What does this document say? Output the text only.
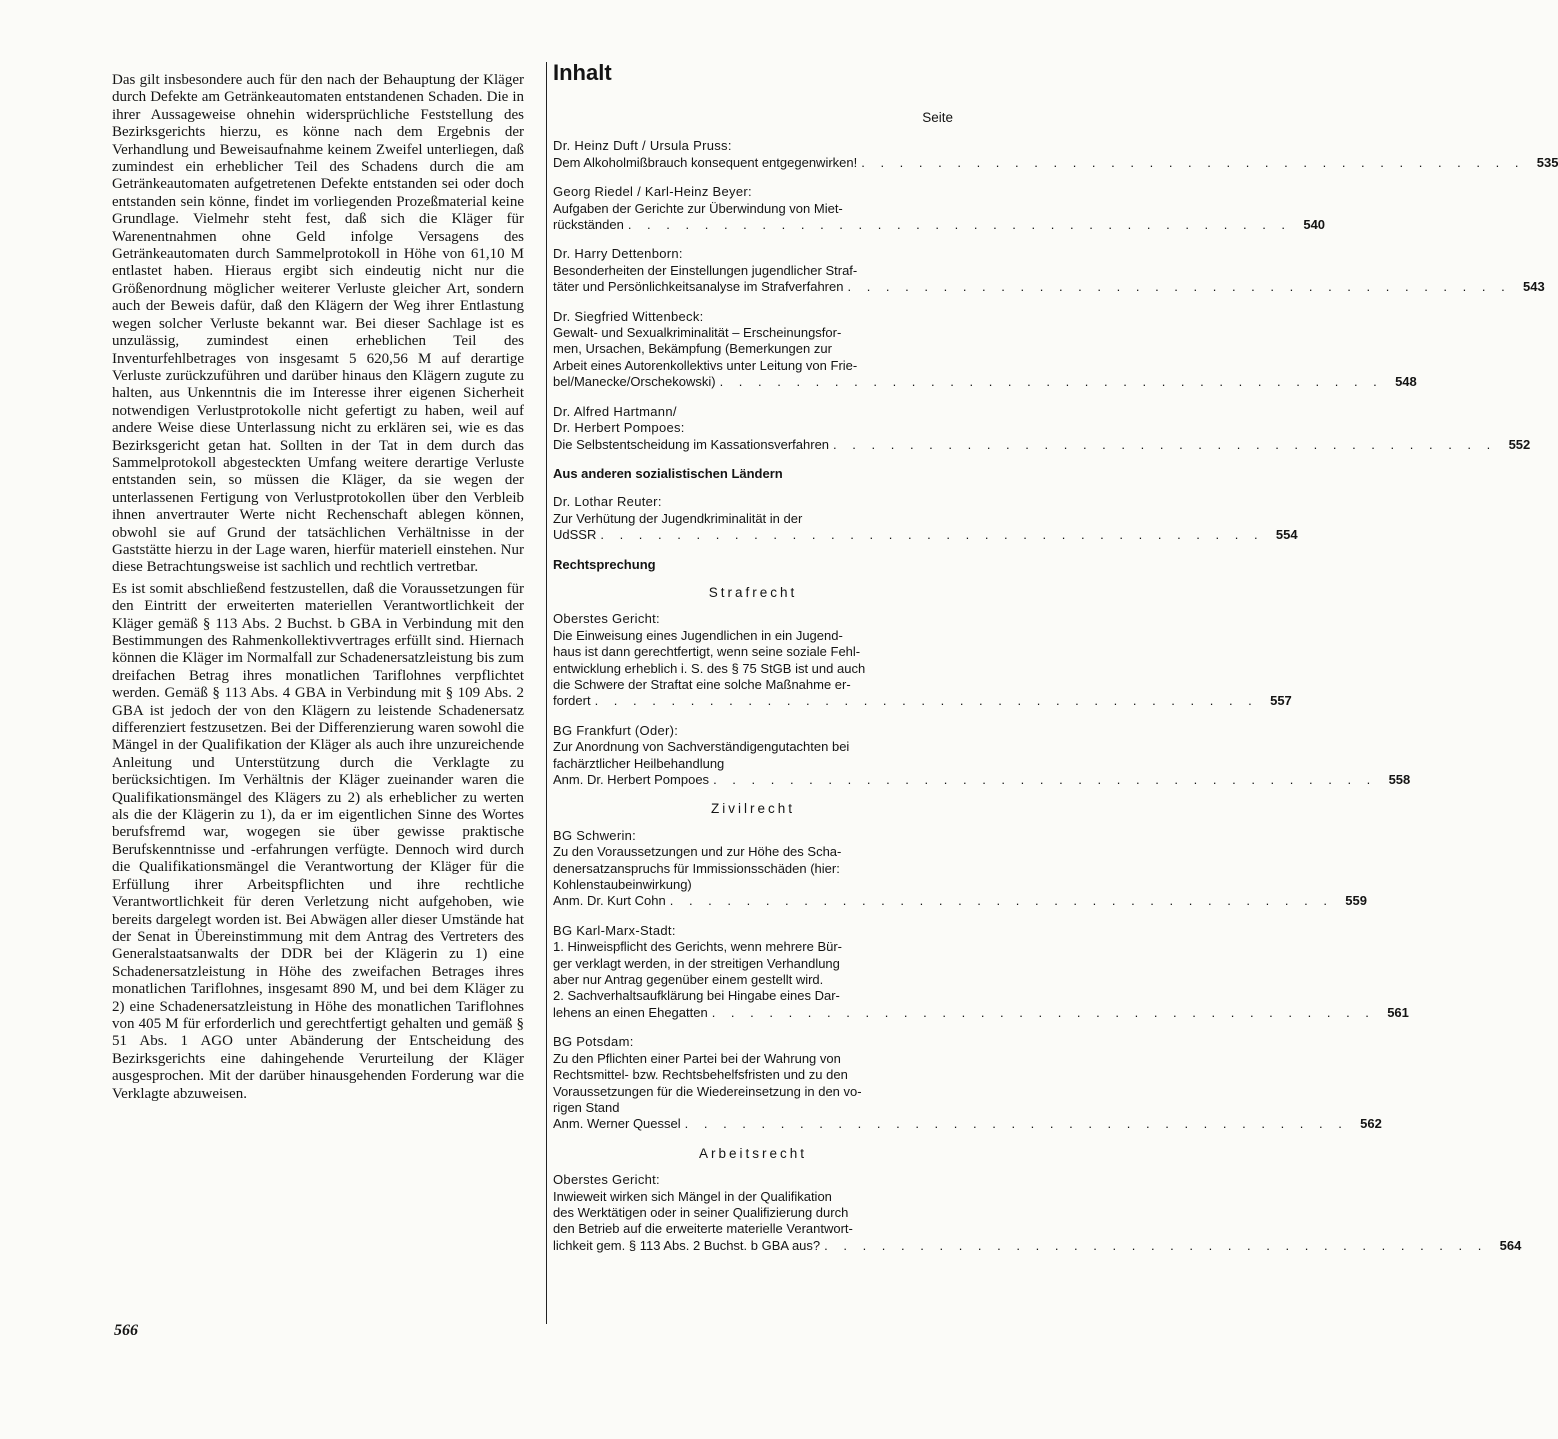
Das gilt insbesondere auch für den nach der Behauptung der Kläger durch Defekte am Getränkeautomaten entstandenen Schaden. Die in ihrer Aussageweise ohnehin widersprüchliche Feststellung des Bezirksgerichts hierzu, es könne nach dem Ergebnis der Verhandlung und Beweisaufnahme keinem Zweifel unterliegen, daß zumindest ein erheblicher Teil des Schadens durch die am Getränkeautomaten aufgetretenen Defekte entstanden sei oder doch entstanden sein könne, findet im vorliegenden Prozeßmaterial keine Grundlage. Vielmehr steht fest, daß sich die Kläger für Warenentnahmen ohne Geld infolge Versagens des Getränkeautomaten durch Sammelprotokoll in Höhe von 61,10 M entlastet haben. Hieraus ergibt sich eindeutig nicht nur die Größenordnung möglicher weiterer Verluste gleicher Art, sondern auch der Beweis dafür, daß den Klägern der Weg ihrer Entlastung wegen solcher Verluste bekannt war. Bei dieser Sachlage ist es unzulässig, zumindest einen erheblichen Teil des Inventurfehlbetrages von insgesamt 5 620,56 M auf derartige Verluste zurückzuführen und darüber hinaus den Klägern zugute zu halten, aus Unkenntnis die im Interesse ihrer eigenen Sicherheit notwendigen Verlustprotokolle nicht gefertigt zu haben, weil auf andere Weise diese Unterlassung nicht zu erklären sei, wie es das Bezirksgericht getan hat. Sollten in der Tat in dem durch das Sammelprotokoll abgesteckten Umfang weitere derartige Verluste entstanden sein, so müssen die Kläger, da sie wegen der unterlassenen Fertigung von Verlustprotokollen über den Verbleib ihnen anvertrauter Werte nicht Rechenschaft ablegen können, obwohl sie auf Grund der tatsächlichen Verhältnisse in der Gaststätte hierzu in der Lage waren, hierfür materiell einstehen. Nur diese Betrachtungsweise ist sachlich und rechtlich vertretbar.

Es ist somit abschließend festzustellen, daß die Voraussetzungen für den Eintritt der erweiterten materiellen Verantwortlichkeit der Kläger gemäß § 113 Abs. 2 Buchst. b GBA in Verbindung mit den Bestimmungen des Rahmenkollektivvertrages erfüllt sind. Hiernach können die Kläger im Normalfall zur Schadenersatzleistung bis zum dreifachen Betrag ihres monatlichen Tariflohnes verpflichtet werden. Gemäß § 113 Abs. 4 GBA in Verbindung mit § 109 Abs. 2 GBA ist jedoch der von den Klägern zu leistende Schadenersatz differenziert festzusetzen. Bei der Differenzierung waren sowohl die Mängel in der Qualifikation der Kläger als auch ihre unzureichende Anleitung und Unterstützung durch die Verklagte zu berücksichtigen. Im Verhältnis der Kläger zueinander waren die Qualifikationsmängel des Klägers zu 2) als erheblicher zu werten als die der Klägerin zu 1), da er im eigentlichen Sinne des Wortes berufsfremd war, wogegen sie über gewisse praktische Berufskenntnisse und -erfahrungen verfügte. Dennoch wird durch die Qualifikationsmängel die Verantwortung der Kläger für die Erfüllung ihrer Arbeitspflichten und ihre rechtliche Verantwortlichkeit für deren Verletzung nicht aufgehoben, wie bereits dargelegt worden ist. Bei Abwägen aller dieser Umstände hat der Senat in Übereinstimmung mit dem Antrag des Vertreters des Generalstaatsanwalts der DDR bei der Klägerin zu 1) eine Schadenersatzleistung in Höhe des zweifachen Betrages ihres monatlichen Tariflohnes, insgesamt 890 M, und bei dem Kläger zu 2) eine Schadenersatzleistung in Höhe des monatlichen Tariflohnes von 405 M für erforderlich und gerechtfertigt gehalten und gemäß § 51 Abs. 1 AGO unter Abänderung der Entscheidung des Bezirksgerichts eine dahingehende Verurteilung der Kläger ausgesprochen. Mit der darüber hinausgehenden Forderung war die Verklagte abzuweisen.

566
Inhalt
Seite
Dr. Heinz Duft / Ursula Pruss:
Dem Alkoholmißbrauch konsequent entgegenwirken! . . . . . . . . . . . . . . . . . . . . . . . . . . . . . . . . . . . 535
Georg Riedel / Karl-Heinz Beyer:
Aufgaben der Gerichte zur Überwindung von Miet-
rückständen . . . . . . . . . . . . . . . . . . . . . . . . . . . . . . . . . . . 540
Dr. Harry Dettenborn:
Besonderheiten der Einstellungen jugendlicher Straf-
täter und Persönlichkeitsanalyse im Strafverfahren . . . . . . . . . . . . . . . . . . . . . . . . . . . . . . . . . . . 543
Dr. Siegfried Wittenbeck:
Gewalt- und Sexualkriminalität – Erscheinungsfor-
men, Ursachen, Bekämpfung (Bemerkungen zur
Arbeit eines Autorenkollektivs unter Leitung von Frie-
bel/Manecke/Orschekowski) . . . . . . . . . . . . . . . . . . . . . . . . . . . . . . . . . . . 548
Dr. Alfred Hartmann/
Dr. Herbert Pompoes:
Die Selbstentscheidung im Kassationsverfahren . . . . . . . . . . . . . . . . . . . . . . . . . . . . . . . . . . . 552
Aus anderen sozialistischen Ländern
Dr. Lothar Reuter:
Zur Verhütung der Jugendkriminalität in der
UdSSR . . . . . . . . . . . . . . . . . . . . . . . . . . . . . . . . . . . 554
Rechtsprechung
Strafrecht
Oberstes Gericht:
Die Einweisung eines Jugendlichen in ein Jugend-
haus ist dann gerechtfertigt, wenn seine soziale Fehl-
entwicklung erheblich i. S. des § 75 StGB ist und auch
die Schwere der Straftat eine solche Maßnahme er-
fordert . . . . . . . . . . . . . . . . . . . . . . . . . . . . . . . . . . . 557
BG Frankfurt (Oder):
Zur Anordnung von Sachverständigengutachten bei
fachärztlicher Heilbehandlung
Anm. Dr. Herbert Pompoes . . . . . . . . . . . . . . . . . . . . . . . . . . . . . . . . . . . 558
Zivilrecht
BG Schwerin:
Zu den Voraussetzungen und zur Höhe des Scha-
denersatzanspruchs für Immissionsschäden (hier:
Kohlenstaubeinwirkung)
Anm. Dr. Kurt Cohn . . . . . . . . . . . . . . . . . . . . . . . . . . . . . . . . . . . 559
BG Karl-Marx-Stadt:
1. Hinweispflicht des Gerichts, wenn mehrere Bür-
ger verklagt werden, in der streitigen Verhandlung
aber nur Antrag gegenüber einem gestellt wird.
2. Sachverhaltsaufklärung bei Hingabe eines Dar-
lehens an einen Ehegatten . . . . . . . . . . . . . . . . . . . . . . . . . . . . . . . . . . . 561
BG Potsdam:
Zu den Pflichten einer Partei bei der Wahrung von
Rechtsmittel- bzw. Rechtsbehelfsfristen und zu den
Voraussetzungen für die Wiedereinsetzung in den vo-
rigen Stand
Anm. Werner Quessel . . . . . . . . . . . . . . . . . . . . . . . . . . . . . . . . . . . 562
Arbeitsrecht
Oberstes Gericht:
Inwieweit wirken sich Mängel in der Qualifikation
des Werktätigen oder in seiner Qualifizierung durch
den Betrieb auf die erweiterte materielle Verantwort-
lichkeit gem. § 113 Abs. 2 Buchst. b GBA aus? . . . . . . . . . . . . . . . . . . . . . . . . . . . . . . . . . . . 564
